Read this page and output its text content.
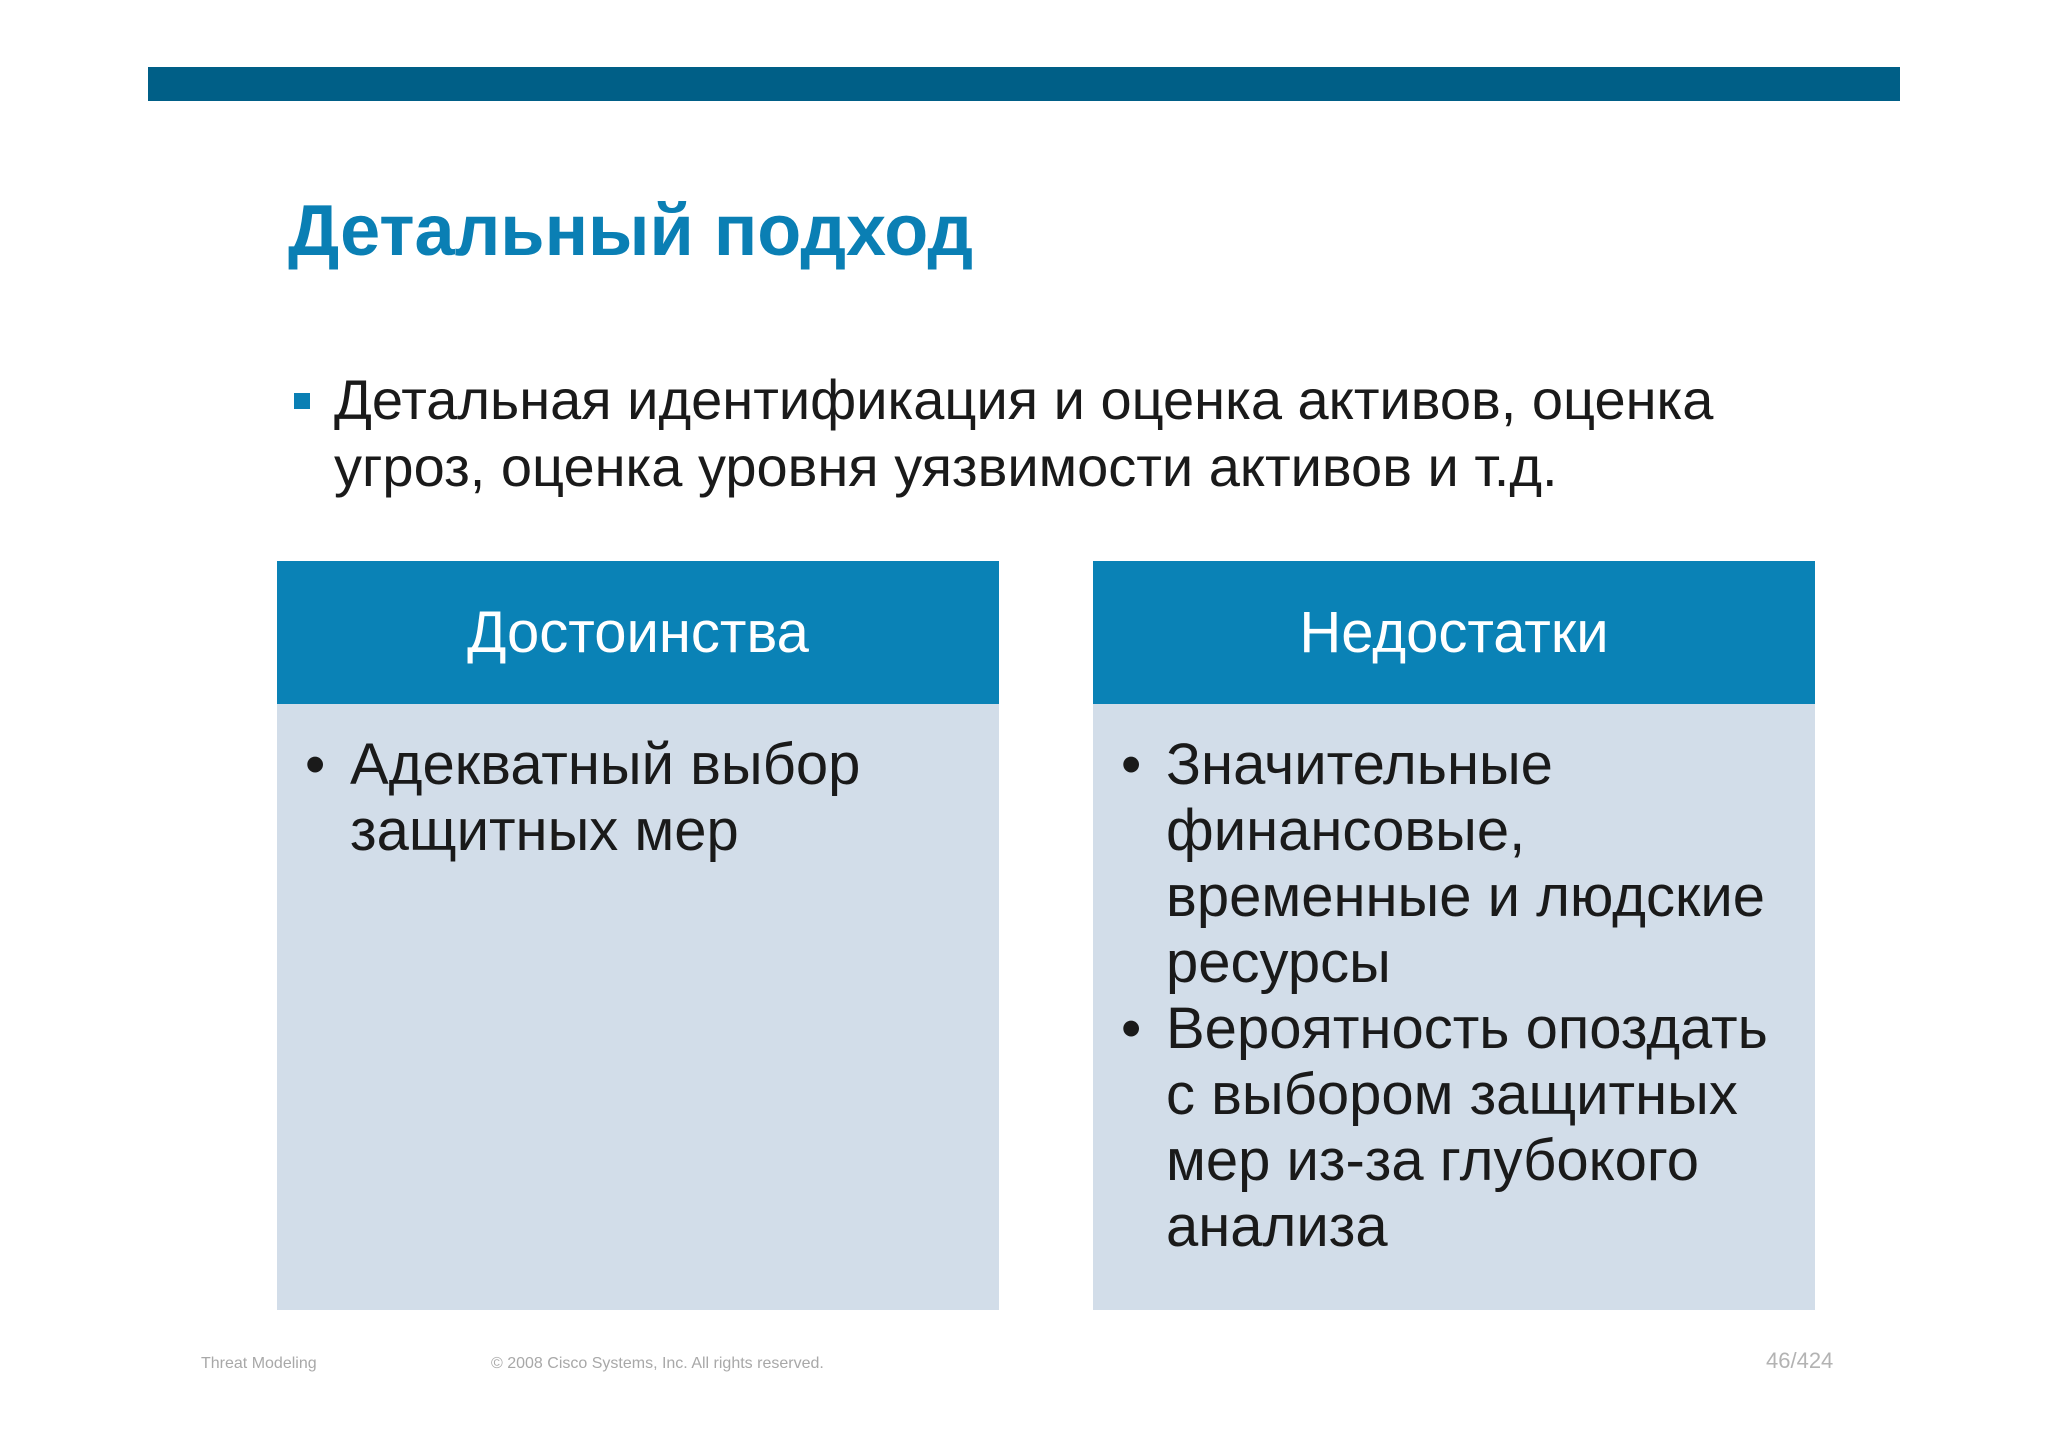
Детальный подход
Детальная идентификация и оценка активов, оценка угроз, оценка уровня уязвимости активов и т.д.
Достоинства
• Адекватный выбор защитных мер
Недостатки
• Значительные финансовые, временные и людские ресурсы
• Вероятность опоздать с выбором защитных мер из-за глубокого анализа
Threat Modeling	© 2008 Cisco Systems, Inc. All rights reserved.	46/424
